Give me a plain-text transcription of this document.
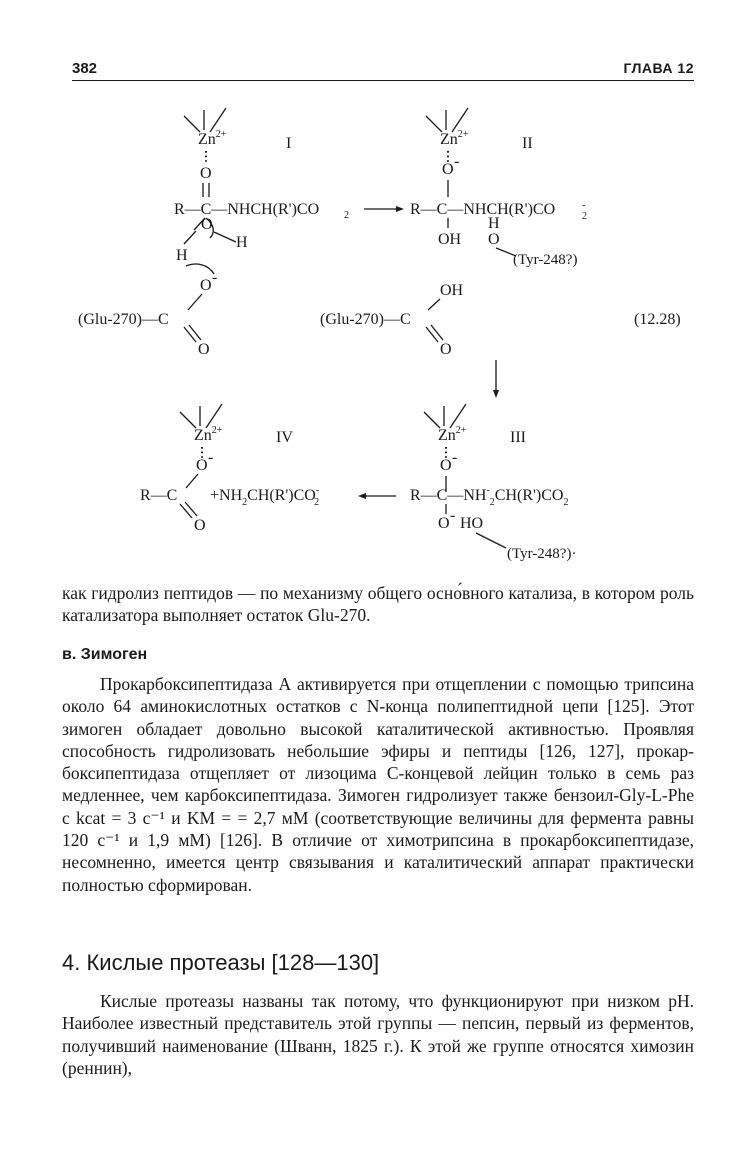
382	ГЛАВА 12
$Zn^{2+}$
O
R—C—NHCH(R')CO 2
O
H
H
O -
(Glu-270)—C
O
I	$Zn^{2+}$
O -
R—C—NHCH(R')CO	-
2
OH
H
O
(Tyr-248?)
OH
(Glu-270)—C
O
II
(12.28)
$Zn^{2+}$
O -
$R—C—NH^-_2CH(R')CO_2$
O - HO
(Tyr-248?)·
III
$Zn^{2+}$
O -
R—C $+NH_2CH(R')CO^-2$
O
IV

как гидролиз пептидов — по механизму общего осно́вного катализа, в котором роль катализатора выполняет остаток Glu-270.

в. Зимоген

Прокарбоксипептидаза А активируется при отщеплении с помощью трипсина около 64 аминокислотных остатков с N-конца полипептидной цепи [125]. Этот зимоген обладает довольно высокой каталитической активностью. Проявляя способность гидролизовать небольшие эфиры и пептиды [126, 127], прокарбоксипептидаза отщепляет от лизоцима С-концевой лейцин только в семь раз медленнее, чем карбоксипептидаза. Зимоген гидролизует также бензоил-Gly-L-Phe с kcat = 3 с⁻¹ и KM = = 2,7 мМ (соответствующие величины для фермента равны 120 с⁻¹ и 1,9 мМ) [126]. В отличие от химотрипсина в прокарбоксипептидазе, несомненно, имеется центр связывания и каталитический аппарат практически полностью сформирован.

4. Кислые протеазы [128—130]

Кислые протеазы названы так потому, что функционируют при низком рН. Наиболее известный представитель этой группы — пепсин, первый из ферментов, получивший наименование (Шванн, 1825 г.). К этой же группе относятся химозин (реннин),
